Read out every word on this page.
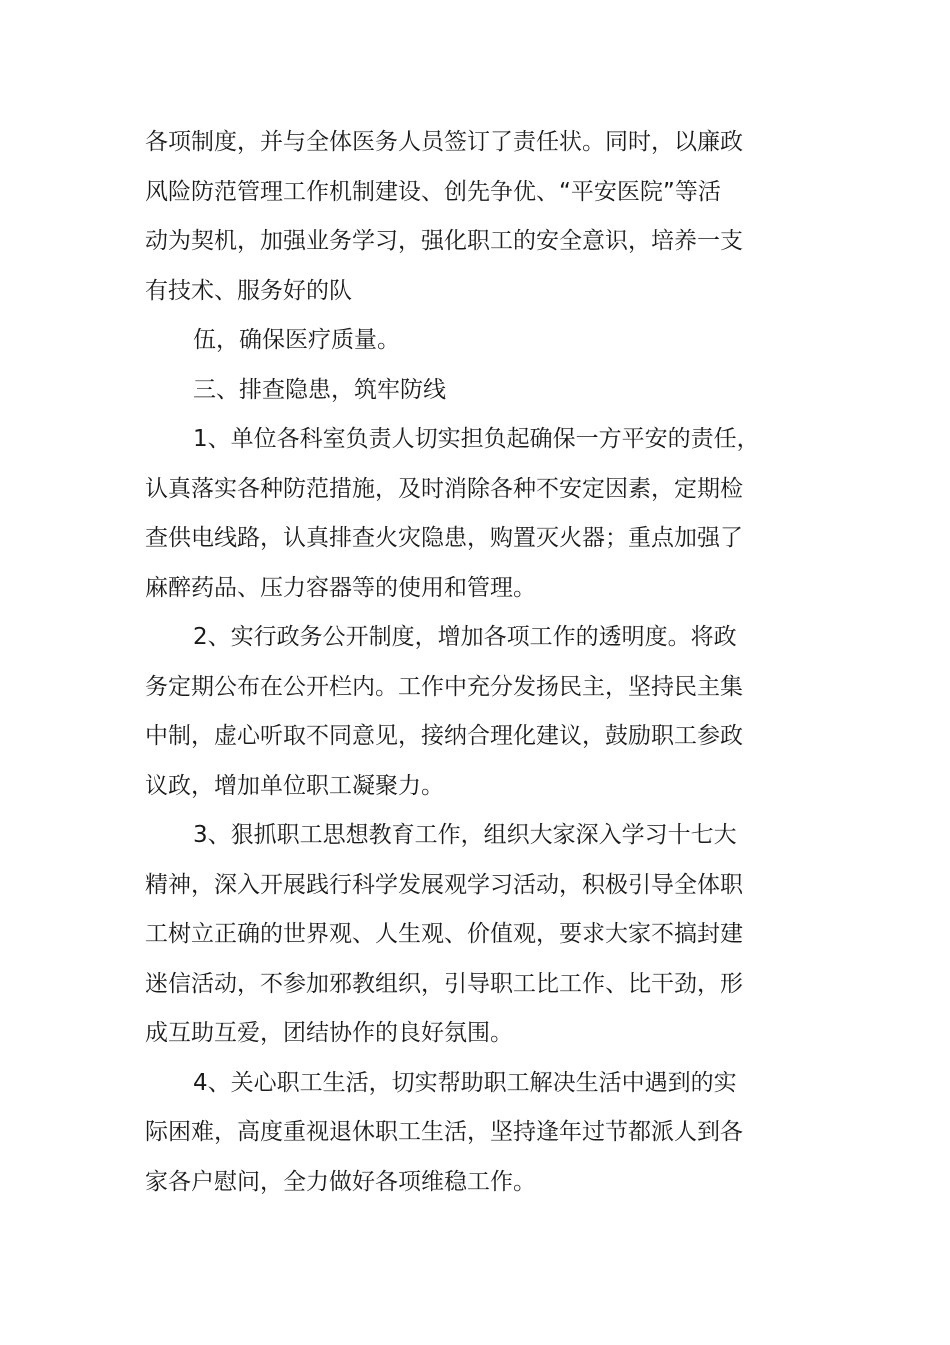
各项制度，并与全体医务人员签订了责任状。同时，以廉政
风险防范管理工作机制建设、创先争优、“平安医院”等活
动为契机，加强业务学习，强化职工的安全意识，培养一支
有技术、服务好的队
伍，确保医疗质量。
三、排查隐患，筑牢防线
1、单位各科室负责人切实担负起确保一方平安的责任，
认真落实各种防范措施，及时消除各种不安定因素，定期检
查供电线路，认真排查火灾隐患，购置灭火器；重点加强了
麻醉药品、压力容器等的使用和管理。
2、实行政务公开制度，增加各项工作的透明度。将政
务定期公布在公开栏内。工作中充分发扬民主，坚持民主集
中制，虚心听取不同意见，接纳合理化建议，鼓励职工参政
议政，增加单位职工凝聚力。
3、狠抓职工思想教育工作，组织大家深入学习十七大
精神，深入开展践行科学发展观学习活动，积极引导全体职
工树立正确的世界观、人生观、价值观，要求大家不搞封建
迷信活动，不参加邪教组织，引导职工比工作、比干劲，形
成互助互爱，团结协作的良好氛围。
4、关心职工生活，切实帮助职工解决生活中遇到的实
际困难，高度重视退休职工生活，坚持逢年过节都派人到各
家各户慰问，全力做好各项维稳工作。
